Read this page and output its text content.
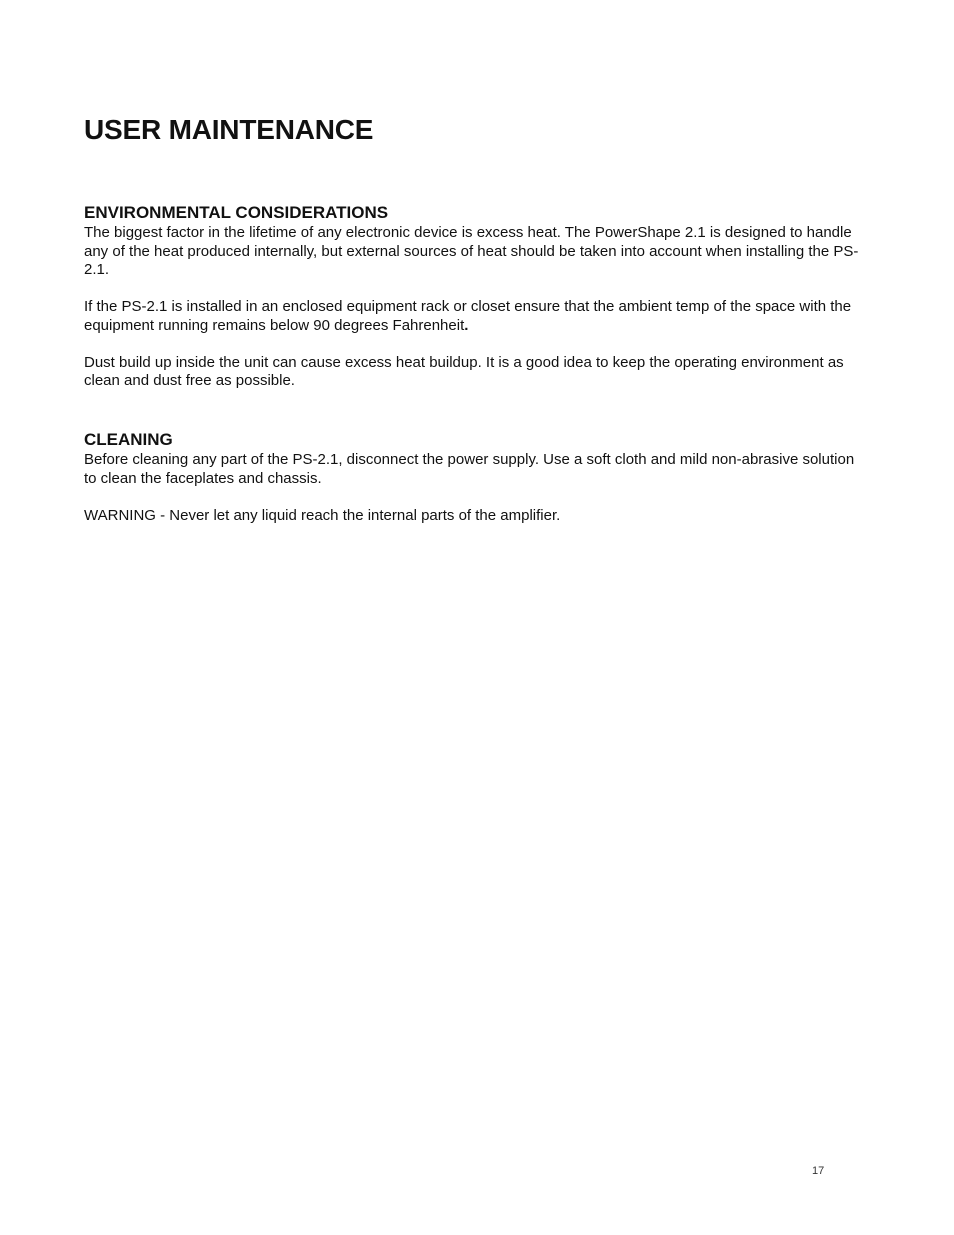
USER MAINTENANCE
ENVIRONMENTAL CONSIDERATIONS

The biggest factor in the lifetime of any electronic device is excess heat. The PowerShape 2.1 is designed to handle any of the heat produced internally, but external sources of heat should be taken into account when installing the PS-2.1.

If the PS-2.1 is installed in an enclosed equipment rack or closet ensure that the ambient temp of the space with the equipment running remains below 90 degrees Fahrenheit.

Dust build up inside the unit can cause excess heat buildup. It is a good idea to keep the operating environment as clean and dust free as possible.

CLEANING

Before cleaning any part of the PS-2.1, disconnect the power supply. Use a soft cloth and mild non-abrasive solution to clean the faceplates and chassis.

WARNING - Never let any liquid reach the internal parts of the amplifier.

17
